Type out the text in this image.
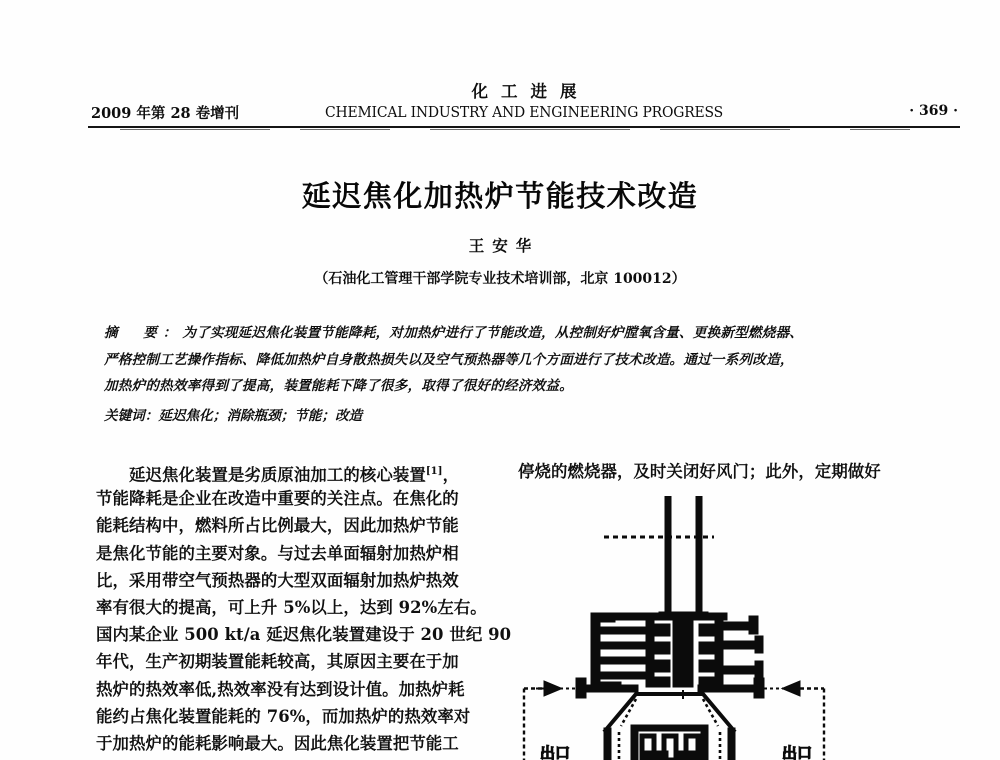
化工进展
2009 年第 28 卷增刊	CHEMICAL INDUSTRY AND ENGINEERING PROGRESS	· 369 ·
延迟焦化加热炉节能技术改造
王安华
（石油化工管理干部学院专业技术培训部，北京 100012）
摘　要：为了实现延迟焦化装置节能降耗，对加热炉进行了节能改造，从控制好炉膛氧含量、更换新型燃烧器、
严格控制工艺操作指标、降低加热炉自身散热损失以及空气预热器等几个方面进行了技术改造。通过一系列改造，
加热炉的热效率得到了提高，装置能耗下降了很多，取得了很好的经济效益。
关键词：延迟焦化；消除瓶颈；节能；改造
延迟焦化装置是劣质原油加工的核心装置[1]，
节能降耗是企业在改造中重要的关注点。在焦化的
能耗结构中，燃料所占比例最大，因此加热炉节能
是焦化节能的主要对象。与过去单面辐射加热炉相
比，采用带空气预热器的大型双面辐射加热炉热效
率有很大的提高，可上升 5%以上，达到 92%左右。
国内某企业 500 kt/a 延迟焦化装置建设于 20 世纪 90
年代，生产初期装置能耗较高，其原因主要在于加
热炉的热效率低,热效率没有达到设计值。加热炉耗
能约占焦化装置能耗的 76%，而加热炉的热效率对
于加热炉的能耗影响最大。因此焦化装置把节能工
停烧的燃烧器，及时关闭好风门；此外，定期做好
出口	出口
